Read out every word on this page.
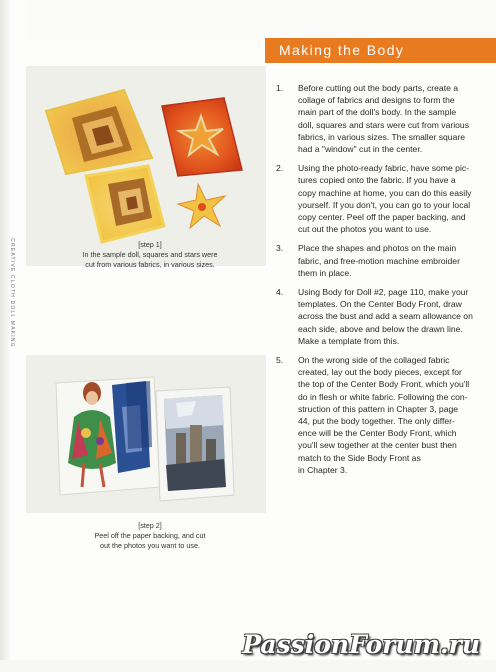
CREATIVE CLOTH DOLL MAKING	[step 1]
In the sample doll, squares and stars were
cut from various fabrics, in various sizes.
[step 2]
Peel off the paper backing, and cut
out the photos you want to use.
Making the Body
1. Before cutting out the body parts, create a
collage of fabrics and designs to form the
main part of the doll's body. In the sample
doll, squares and stars were cut from various
fabrics, in various sizes. The smaller square
had a "window" cut in the center.
2. Using the photo-ready fabric, have some pic-
tures copied onto the fabric. If you have a
copy machine at home, you can do this easily
yourself. If you don't, you can go to your local
copy center. Peel off the paper backing, and
cut out the photos you want to use.
3. Place the shapes and photos on the main
fabric, and free-motion machine embroider
them in place.
4. Using Body for Doll #2, page 110, make your
templates. On the Center Body Front, draw
across the bust and add a seam allowance on
each side, above and below the drawn line.
Make a template from this.
5. On the wrong side of the collaged fabric
created, lay out the body pieces, except for
the top of the Center Body Front, which you'll
do in flesh or white fabric. Following the con-
struction of this pattern in Chapter 3, page
44, put the body together. The only differ-
ence will be the Center Body Front, which
you'll sew together at the center bust then
match to the Side Body Front as
in Chapter 3.
PassionForum.ru
